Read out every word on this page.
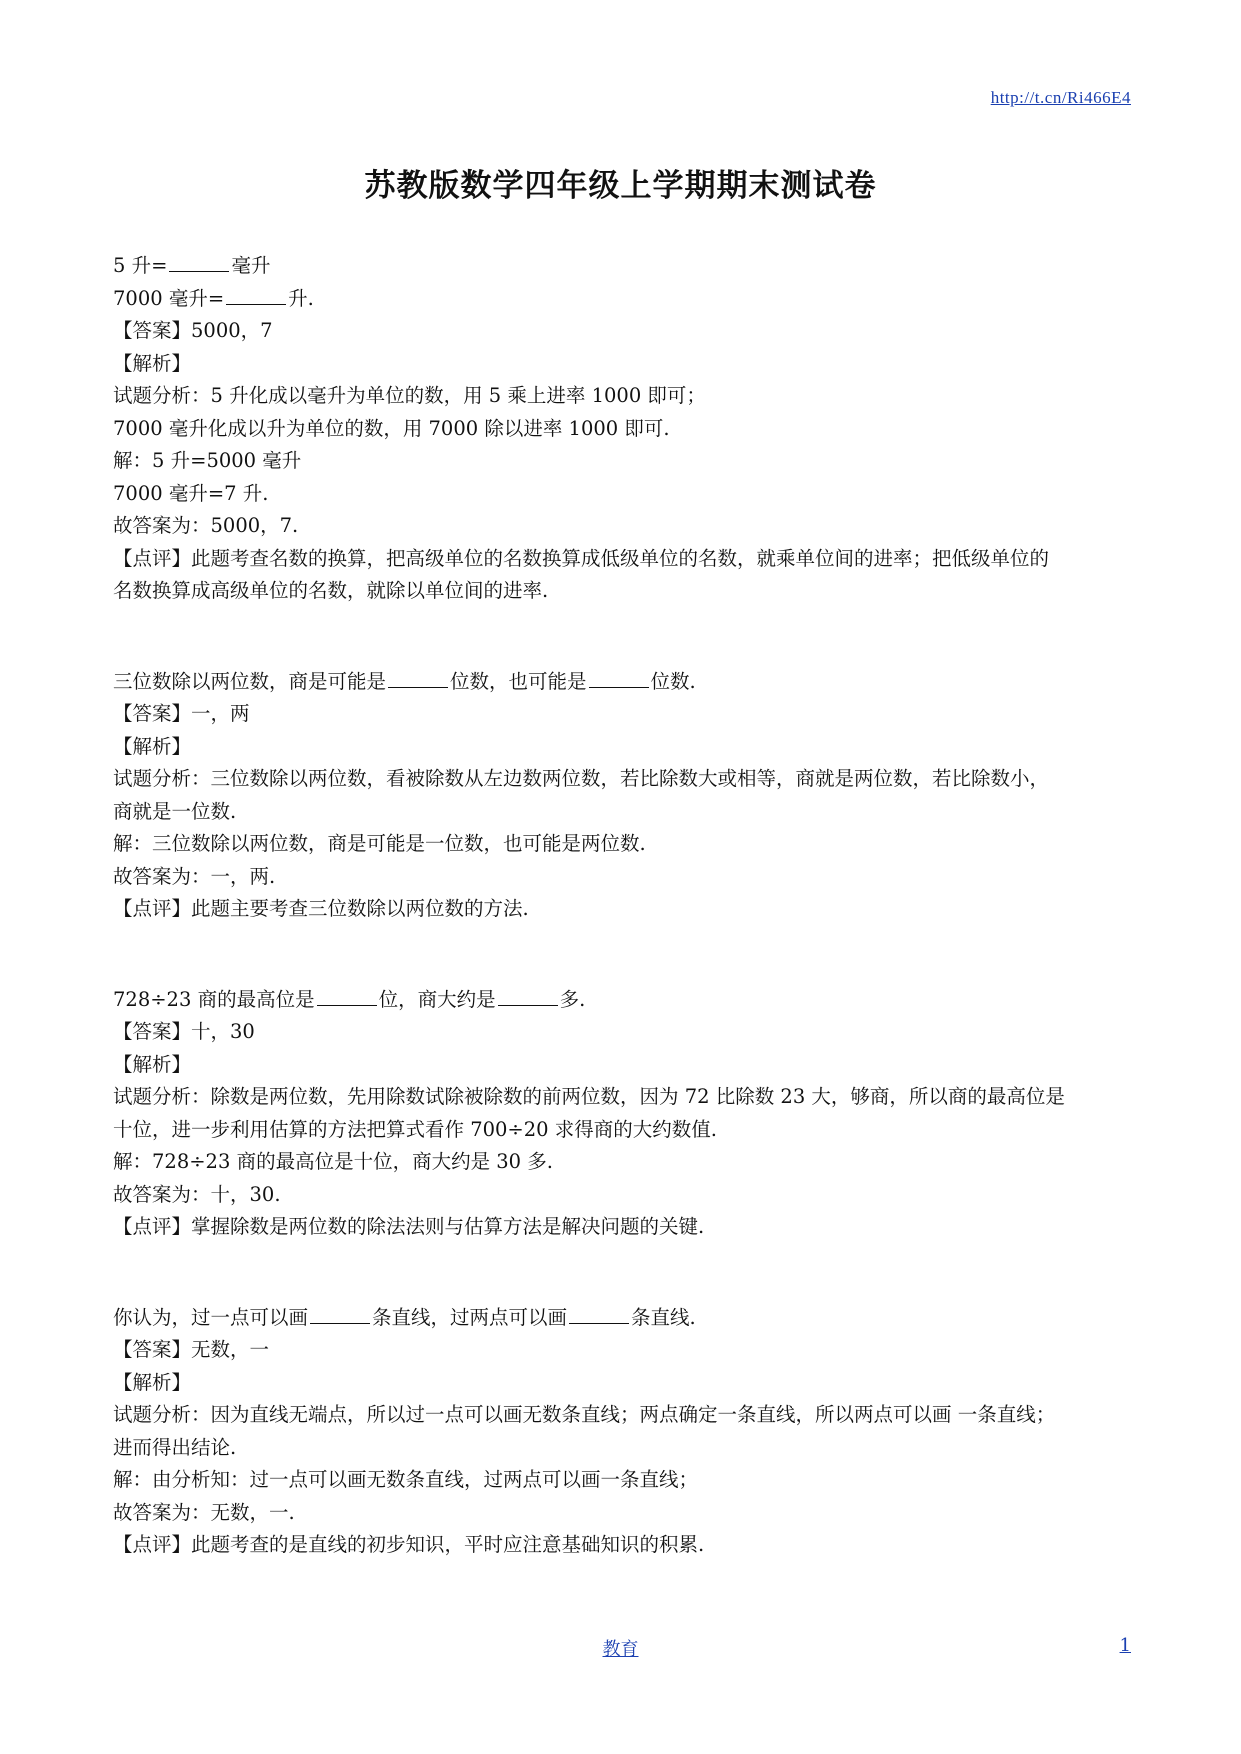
http://t.cn/Ri466E4
苏教版数学四年级上学期期末测试卷

5 升=	毫升

7000 毫升=	升.

【答案】5000，7

【解析】

试题分析：5 升化成以毫升为单位的数，用 5 乘上进率 1000 即可；

7000 毫升化成以升为单位的数，用 7000 除以进率 1000 即可.

解：5 升=5000 毫升

7000 毫升=7 升.

故答案为：5000，7.

【点评】此题考查名数的换算，把高级单位的名数换算成低级单位的名数，就乘单位间的进率；把低级单位的

名数换算成高级单位的名数，就除以单位间的进率.

三位数除以两位数，商是可能是	位数，也可能是	位数.

【答案】一，两

【解析】

试题分析：三位数除以两位数，看被除数从左边数两位数，若比除数大或相等，商就是两位数，若比除数小，

商就是一位数.

解：三位数除以两位数，商是可能是一位数，也可能是两位数.

故答案为：一，两.

【点评】此题主要考查三位数除以两位数的方法.

728÷23 商的最高位是	位，商大约是	多.

【答案】十，30

【解析】

试题分析：除数是两位数，先用除数试除被除数的前两位数，因为 72 比除数 23 大，够商，所以商的最高位是

十位，进一步利用估算的方法把算式看作 700÷20 求得商的大约数值.

解：728÷23 商的最高位是十位，商大约是 30 多.

故答案为：十，30.

【点评】掌握除数是两位数的除法法则与估算方法是解决问题的关键.

你认为，过一点可以画	条直线，过两点可以画	条直线.

【答案】无数，一

【解析】

试题分析：因为直线无端点，所以过一点可以画无数条直线；两点确定一条直线，所以两点可以画 一条直线；

进而得出结论.

解：由分析知：过一点可以画无数条直线，过两点可以画一条直线；

故答案为：无数，一.

【点评】此题考查的是直线的初步知识，平时应注意基础知识的积累.

教育	1
